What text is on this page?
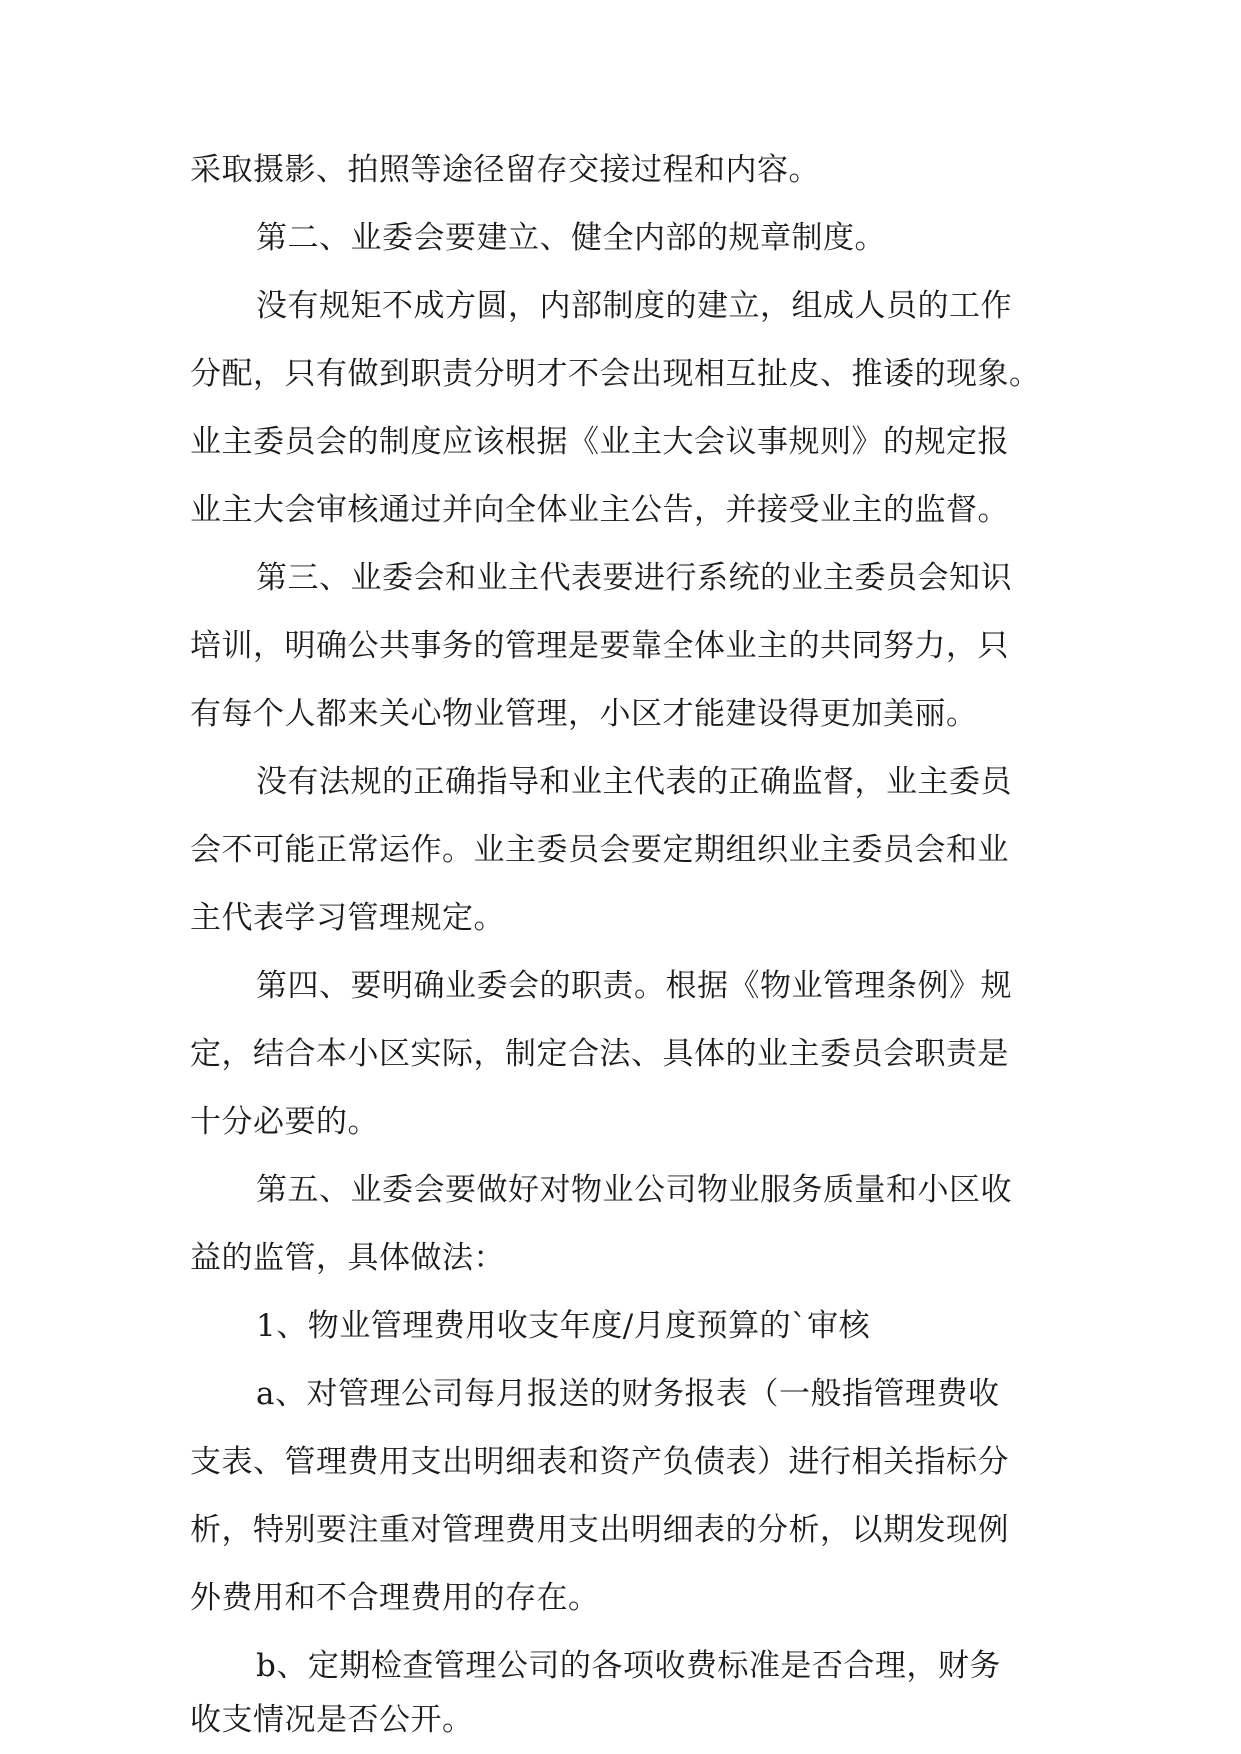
采取摄影、拍照等途径留存交接过程和内容。
第二、业委会要建立、健全内部的规章制度。
没有规矩不成方圆，内部制度的建立，组成人员的工作
分配，只有做到职责分明才不会出现相互扯皮、推诿的现象。
业主委员会的制度应该根据《业主大会议事规则》的规定报
业主大会审核通过并向全体业主公告，并接受业主的监督。
第三、业委会和业主代表要进行系统的业主委员会知识
培训，明确公共事务的管理是要靠全体业主的共同努力，只
有每个人都来关心物业管理，小区才能建设得更加美丽。
没有法规的正确指导和业主代表的正确监督，业主委员
会不可能正常运作。业主委员会要定期组织业主委员会和业
主代表学习管理规定。
第四、要明确业委会的职责。根据《物业管理条例》规
定，结合本小区实际，制定合法、具体的业主委员会职责是
十分必要的。
第五、业委会要做好对物业公司物业服务质量和小区收
益的监管，具体做法：
1、物业管理费用收支年度/月度预算的`审核
a、对管理公司每月报送的财务报表（一般指管理费收
支表、管理费用支出明细表和资产负债表）进行相关指标分
析，特别要注重对管理费用支出明细表的分析，以期发现例
外费用和不合理费用的存在。
b、定期检查管理公司的各项收费标准是否合理，财务
收支情况是否公开。
